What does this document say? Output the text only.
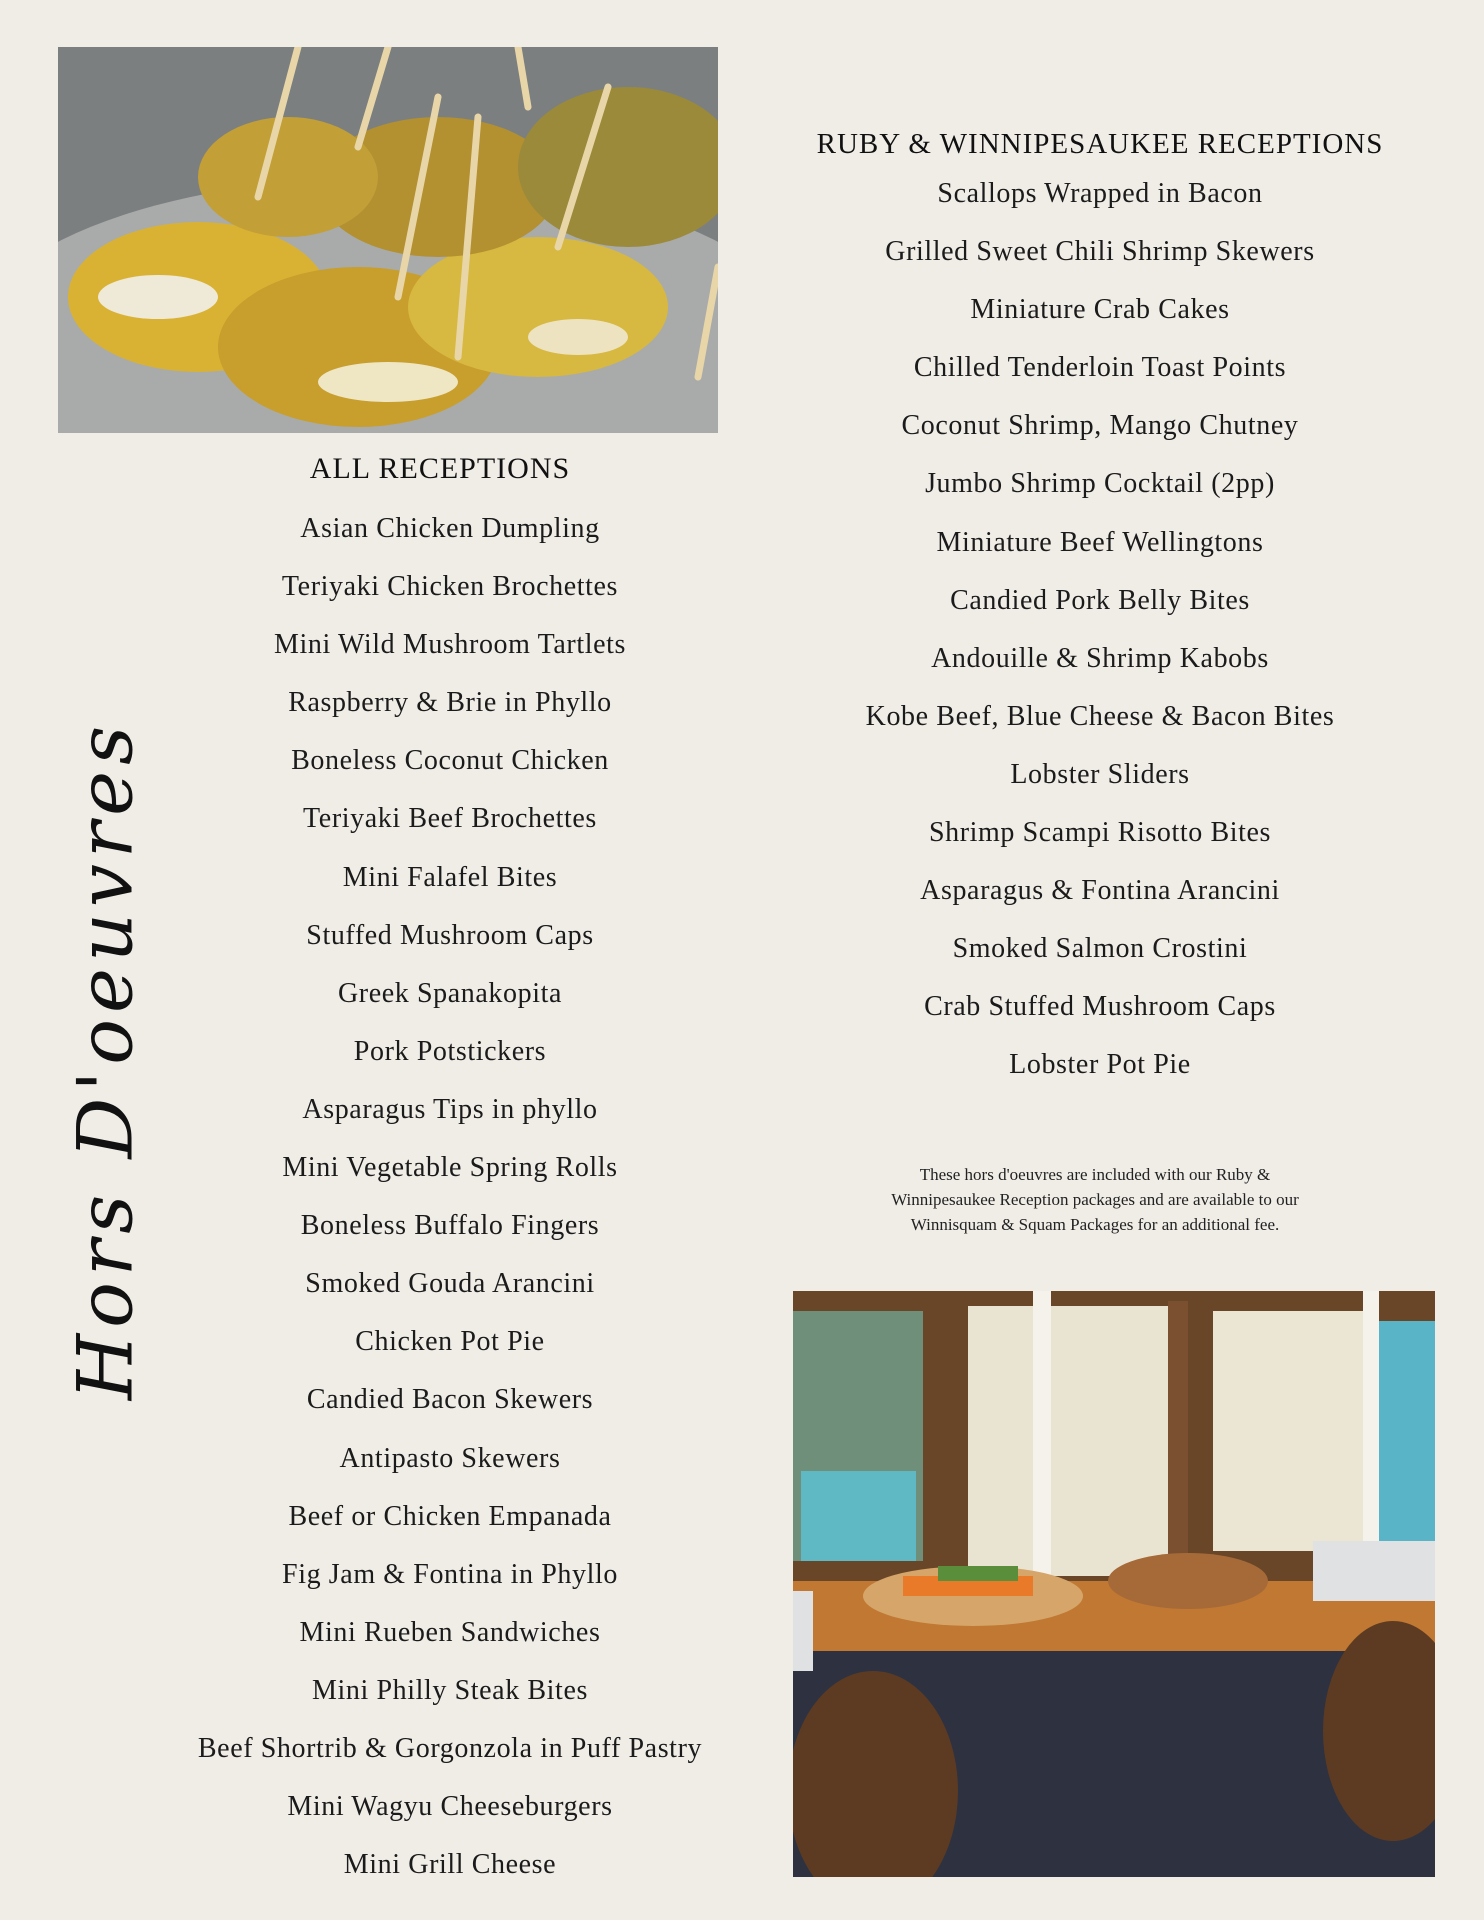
ALL RECEPTIONS
Asian Chicken Dumpling
Teriyaki Chicken Brochettes
Mini Wild Mushroom Tartlets
Raspberry & Brie in Phyllo
Boneless Coconut Chicken
Teriyaki Beef Brochettes
Mini Falafel Bites
Stuffed Mushroom Caps
Greek Spanakopita
Pork Potstickers
Asparagus Tips in phyllo
Mini Vegetable Spring Rolls
Boneless Buffalo Fingers
Smoked Gouda Arancini
Chicken Pot Pie
Candied Bacon Skewers
Antipasto Skewers
Beef or Chicken Empanada
Fig Jam & Fontina in Phyllo
Mini Rueben Sandwiches
Mini Philly Steak Bites
Beef Shortrib & Gorgonzola in Puff Pastry
Mini Wagyu Cheeseburgers
Mini Grill Cheese
RUBY & WINNIPESAUKEE RECEPTIONS
Scallops Wrapped in Bacon
Grilled Sweet Chili Shrimp Skewers
Miniature Crab Cakes
Chilled Tenderloin Toast Points
Coconut Shrimp, Mango Chutney
Jumbo Shrimp Cocktail (2pp)
Miniature Beef Wellingtons
Candied Pork Belly Bites
Andouille & Shrimp Kabobs
Kobe Beef, Blue Cheese & Bacon Bites
Lobster Sliders
Shrimp Scampi Risotto Bites
Asparagus & Fontina Arancini
Smoked Salmon Crostini
Crab Stuffed Mushroom Caps
Lobster Pot Pie

These hors d'oeuvres are included with our Ruby &
Winnipesaukee Reception packages and are available to our
Winnisquam & Squam Packages for an additional fee.

Hors D'oeuvres
